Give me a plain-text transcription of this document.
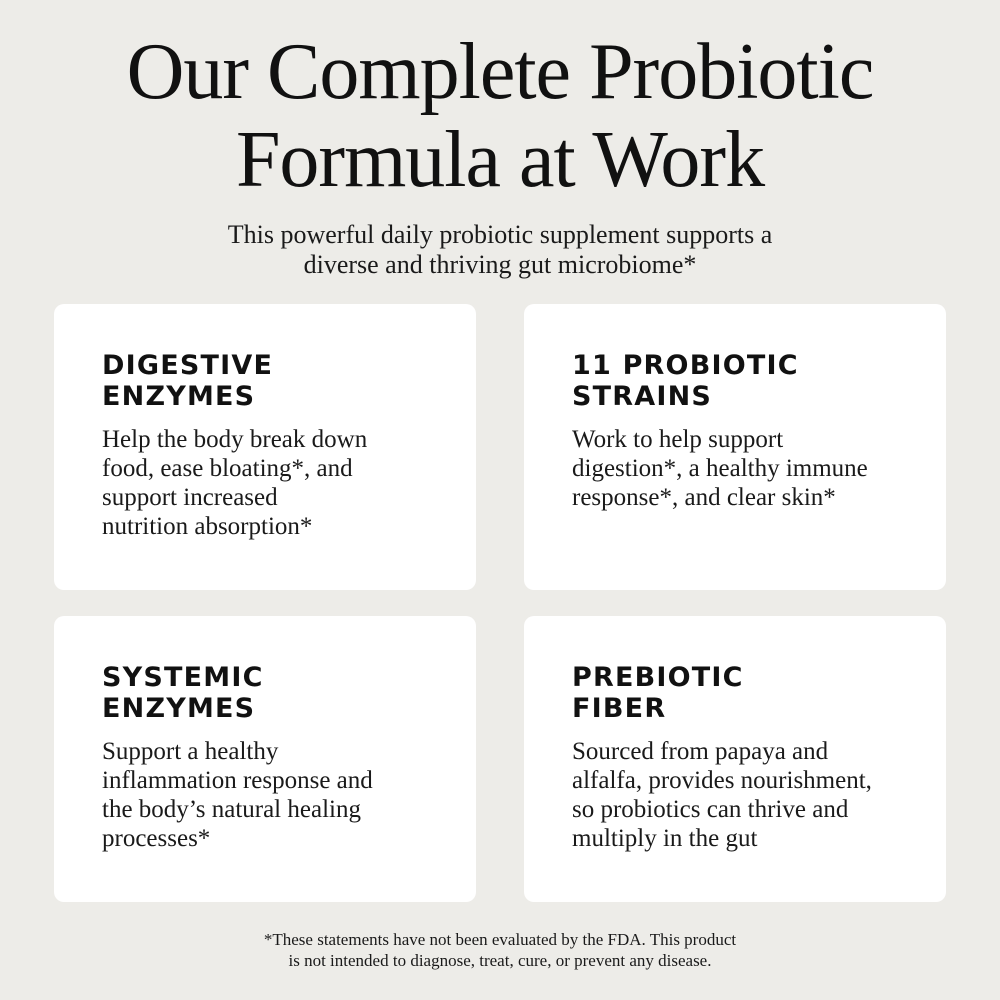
Our Complete Probiotic
Formula at Work
This powerful daily probiotic supplement supports a
diverse and thriving gut microbiome*
DIGESTIVE
ENZYMES
Help the body break down
food, ease bloating*, and
support increased
nutrition absorption*
11 PROBIOTIC
STRAINS
Work to help support
digestion*, a healthy immune
response*, and clear skin*
SYSTEMIC
ENZYMES
Support a healthy
inflammation response and
the body’s natural healing
processes*
PREBIOTIC
FIBER
Sourced from papaya and
alfalfa, provides nourishment,
so probiotics can thrive and
multiply in the gut
*These statements have not been evaluated by the FDA. This product
is not intended to diagnose, treat, cure, or prevent any disease.
